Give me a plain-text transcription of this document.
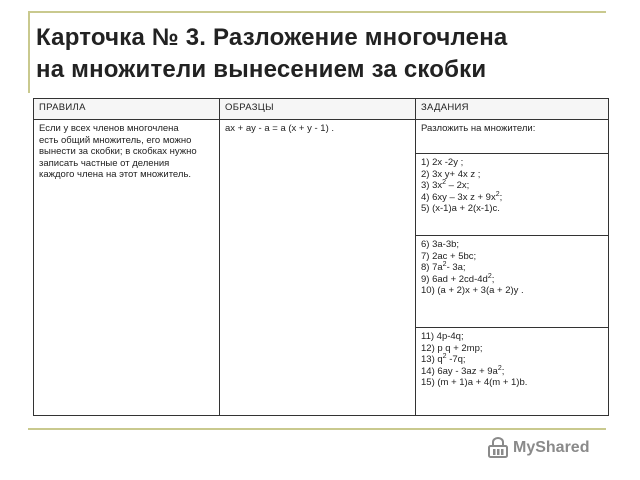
Карточка № 3. Разложение многочлена
на множители вынесением за скобки
ПРАВИЛА	ОБРАЗЦЫ	ЗАДАНИЯ

Если у всех членов многочлена
есть общий множитель, его можно
вынести за скобки; в скобках нужно
записать частные от деления
каждого члена на этот множитель.	ax + ay - a = a (x + y - 1) .	Разложить на множители:

		1) 2x -2y ;
2) 3x y+ 4x z ;
3) $3x^2 - 2x$;
4) 6xy – 3x $z + 9x^2$;
5) (x-1)a + 2(x-1)c.

		6) 3a-3b;
7) 2ac + 5bc;
8) $7a^2-$ 3a;
9) $6ad + 2cd-4d^2$;
10) (a + 2)x + 3(a + 2)y .

		11) 4p-4q;
12) p q + 2mp;
13) $q^2$ -7q;
14) $6ay - 3az + 9a^2$;
15) (m + 1)a + 4(m + 1)b.
MyShared
